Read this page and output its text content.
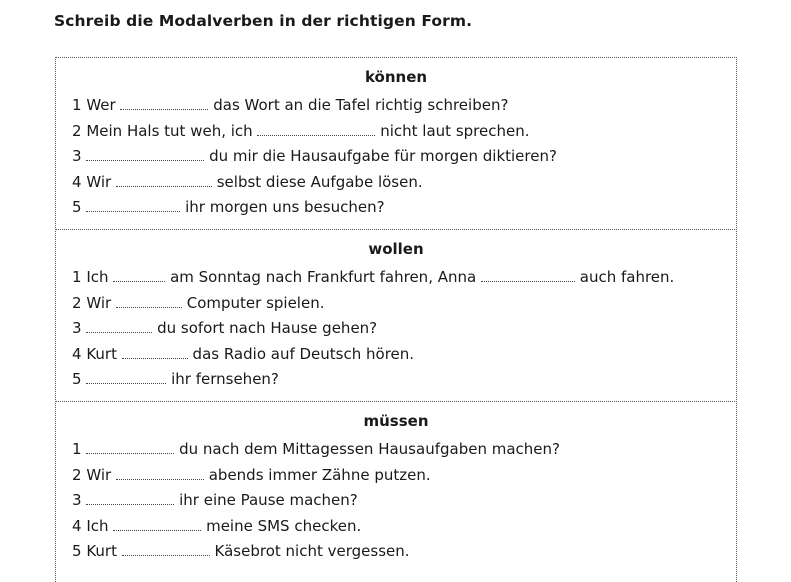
Schreib die Modalverben in der richtigen Form.
können
1 Wer	das Wort an die Tafel richtig schreiben?
2 Mein Hals tut weh, ich	nicht laut sprechen.
3	du mir die Hausaufgabe für morgen diktieren?
4 Wir	selbst diese Aufgabe lösen.
5	ihr morgen uns besuchen?
wollen
1 Ich	am Sonntag nach Frankfurt fahren, Anna	auch fahren.
2 Wir	Computer spielen.
3	du sofort nach Hause gehen?
4 Kurt	das Radio auf Deutsch hören.
5	ihr fernsehen?
müssen
1	du nach dem Mittagessen Hausaufgaben machen?
2 Wir	abends immer Zähne putzen.
3	ihr eine Pause machen?
4 Ich	meine SMS checken.
5 Kurt	Käsebrot nicht vergessen.
